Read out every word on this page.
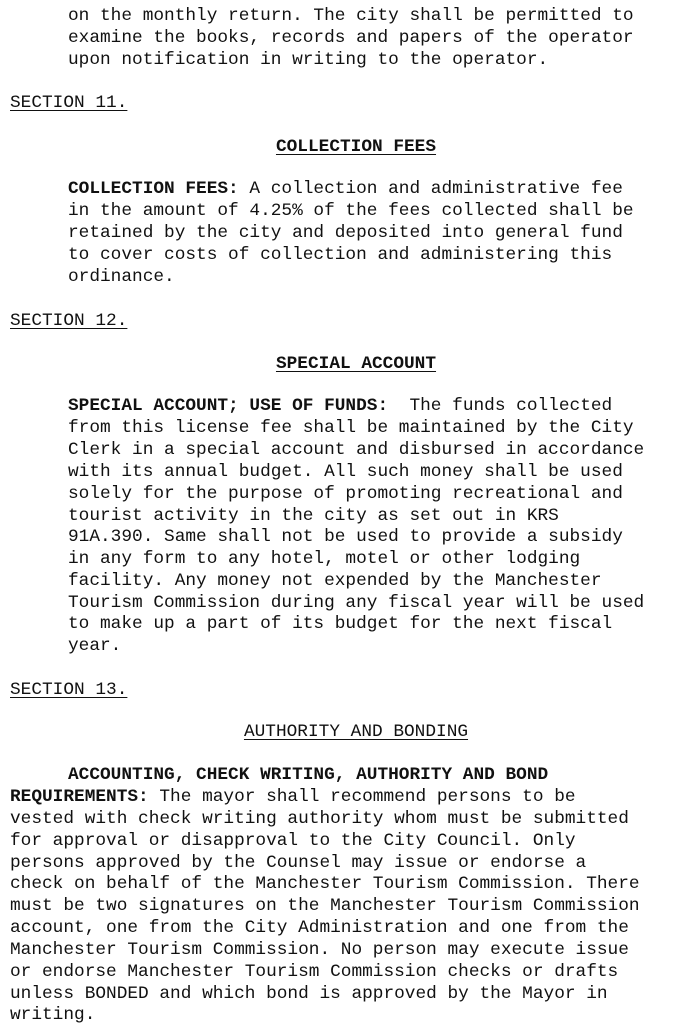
on the monthly return. The city shall be permitted to
examine the books, records and papers of the operator
upon notification in writing to the operator.
SECTION 11.
COLLECTION FEES
COLLECTION FEES: A collection and administrative fee
in the amount of 4.25% of the fees collected shall be
retained by the city and deposited into general fund
to cover costs of collection and administering this
ordinance.
SECTION 12.
SPECIAL ACCOUNT
SPECIAL ACCOUNT; USE OF FUNDS:  The funds collected
from this license fee shall be maintained by the City
Clerk in a special account and disbursed in accordance
with its annual budget. All such money shall be used
solely for the purpose of promoting recreational and
tourist activity in the city as set out in KRS
91A.390. Same shall not be used to provide a subsidy
in any form to any hotel, motel or other lodging
facility. Any money not expended by the Manchester
Tourism Commission during any fiscal year will be used
to make up a part of its budget for the next fiscal
year.
SECTION 13.
AUTHORITY AND BONDING
ACCOUNTING, CHECK WRITING, AUTHORITY AND BOND
REQUIREMENTS: The mayor shall recommend persons to be
vested with check writing authority whom must be submitted
for approval or disapproval to the City Council. Only
persons approved by the Counsel may issue or endorse a
check on behalf of the Manchester Tourism Commission. There
must be two signatures on the Manchester Tourism Commission
account, one from the City Administration and one from the
Manchester Tourism Commission. No person may execute issue
or endorse Manchester Tourism Commission checks or drafts
unless BONDED and which bond is approved by the Mayor in
writing.
